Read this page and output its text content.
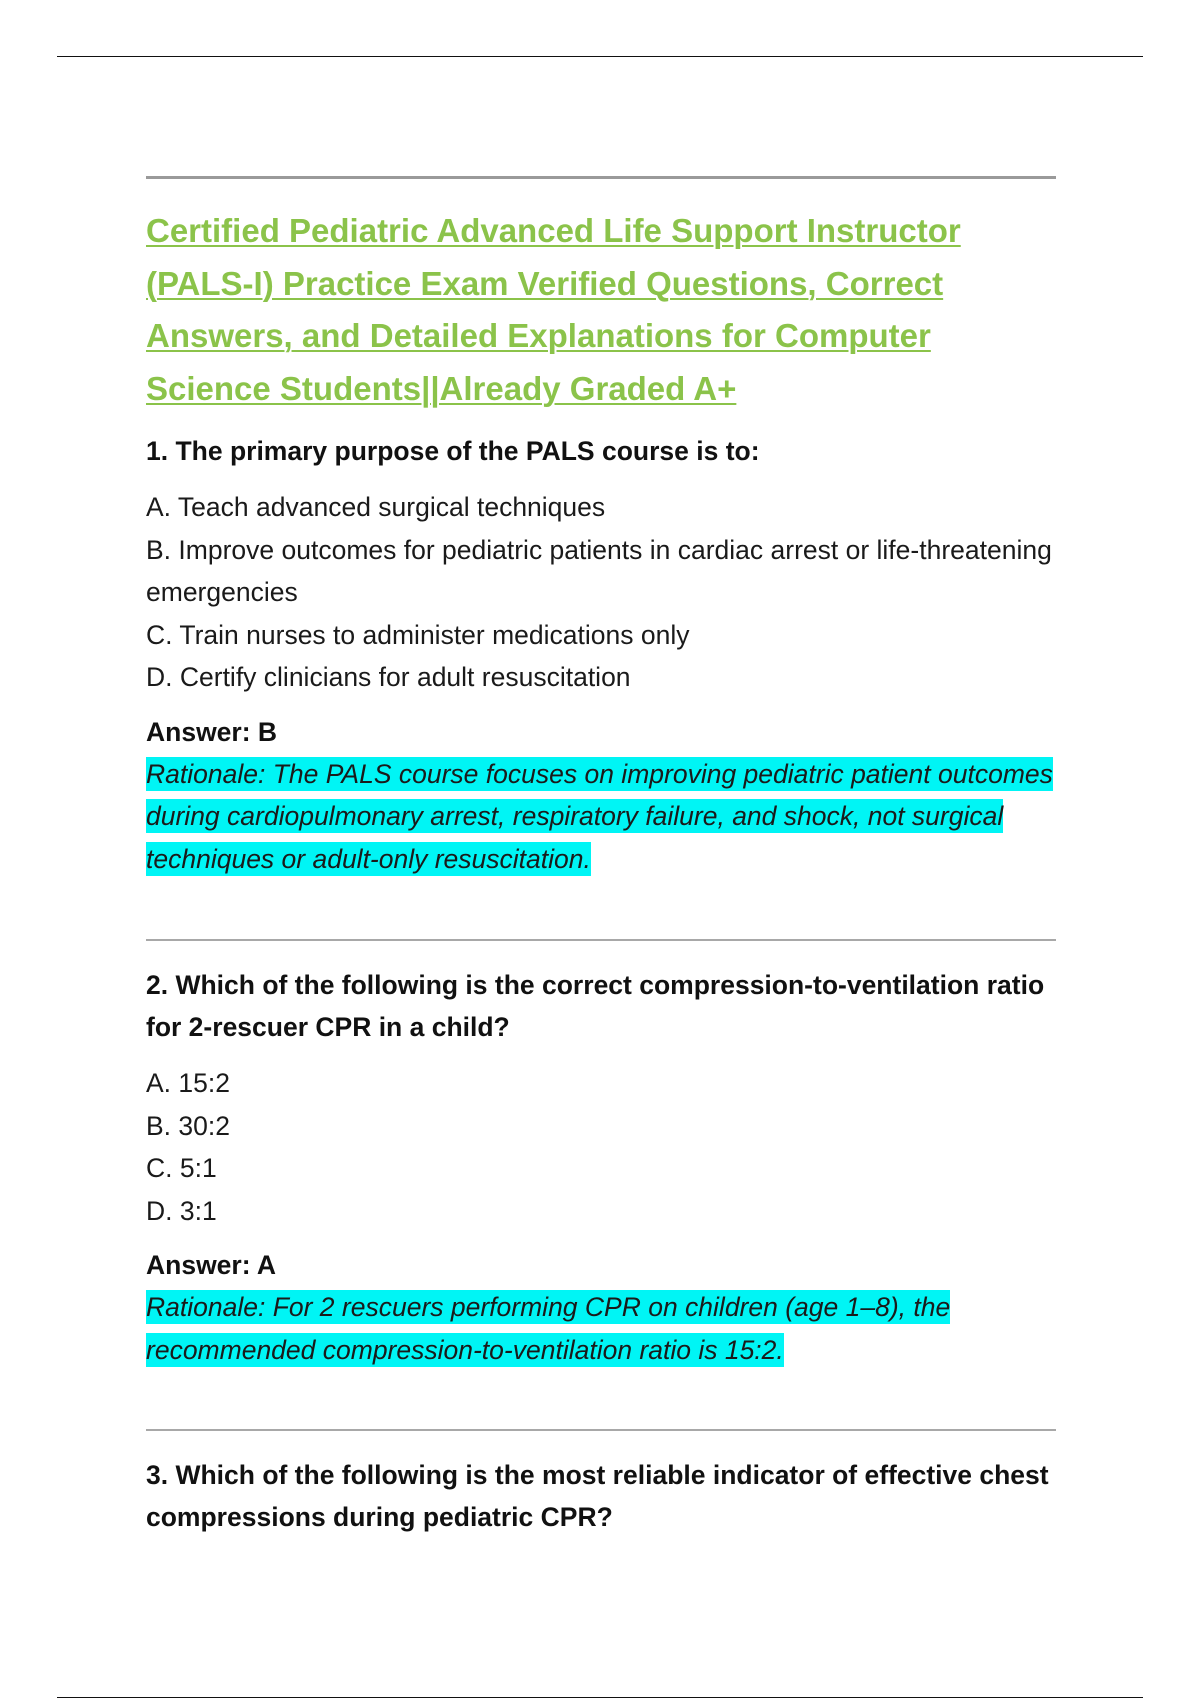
Certified Pediatric Advanced Life Support Instructor (PALS-I) Practice Exam Verified Questions, Correct Answers, and Detailed Explanations for Computer Science Students||Already Graded A+

1. The primary purpose of the PALS course is to:

A. Teach advanced surgical techniques
B. Improve outcomes for pediatric patients in cardiac arrest or life-threatening emergencies
C. Train nurses to administer medications only
D. Certify clinicians for adult resuscitation

Answer: B

Rationale: The PALS course focuses on improving pediatric patient outcomes during cardiopulmonary arrest, respiratory failure, and shock, not surgical techniques or adult-only resuscitation.

2. Which of the following is the correct compression-to-ventilation ratio for 2-rescuer CPR in a child?

A. 15:2
B. 30:2
C. 5:1
D. 3:1

Answer: A

Rationale: For 2 rescuers performing CPR on children (age 1–8), the recommended compression-to-ventilation ratio is 15:2.

3. Which of the following is the most reliable indicator of effective chest compressions during pediatric CPR?
